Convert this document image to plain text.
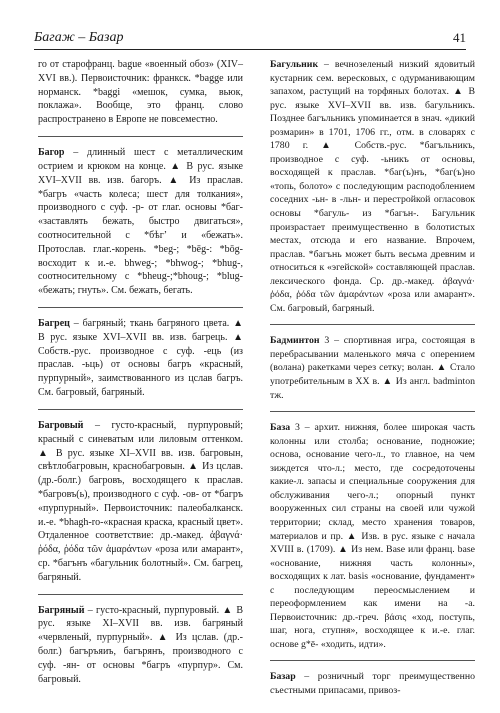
Багаж – Базар	41

го от старофранц. bague «военный обоз» (XIV–XVI вв.). Первоисточник: франкск. *bagge или норманск. *baggi «мешок, сумка, вьюк, поклажа». Вообще, это франц. слово распространено в Европе не повсеместно.

Багор – длинный шест с металлическим острием и крюком на конце. ▲ В рус. языке XVI–XVII вв. изв. багоръ. ▲ Из праслав. *багръ «часть колеса; шест для толкания», производного с суф. -р- от глаг. основы *баг- «заставлять бежать, быстро двигаться», соотносительной с *бѣгʼ и «бежать». Протослав. глаг.-корень. *beg-; *bēg-: *bōg- восходит к и.-е. bhweg-; *bhwog-; *bhug-, соотносительному с *bheug-;*bhoug-; *blug- «бежать; гнуть». См. бежать, бегать.

Багрец – багряный; ткань багряного цвета. ▲ В рус. языке XVI–XVII вв. изв. багрець. ▲ Собств.-рус. производное с суф. -ець (из праслав. -ьць) от основы багръ «красный, пурпурный», заимствованного из цслав багръ. См. багровый, багряный.

Багровый – густо-красный, пурпуровый; красный с синеватым или лиловым оттенком. ▲ В рус. языке XI–XVII вв. изв. багровын, свѣтлобагровын, краснобагровын. ▲ Из цслав. (др.-болг.) багровъ, восходящего к праслав. *багровъ(ь), производного с суф. -ов- от *багръ «пурпурный». Первоисточник: палеобалканск. и.-е. *bhagh-ro-«красная краска, красный цвет». Отдаленное соответствие: др.-макед. ἀβαγνά· ῥόδα, ῥόδα τῶν ἀμαράντων «роза или амарант», ср. *багънъ «багульник болотный». См. багрец, багряный.

Багряный – густо-красный, пурпуровый. ▲ В рус. языке XI–XVII вв. изв. багряный «червленый, пурпурный». ▲ Из цслав. (др.-болг.) багъръяиъ, багърянъ, производного с суф. -ян- от основы *багръ «пурпур». См. багровый.

Багульник – вечнозеленый низкий ядовитый кустарник сем. вересковых, с одурманивающим запахом, растущий на торфяных болотах. ▲ В рус. языке XVI–XVII вв. изв. багульникъ. Позднее багъльникъ упоминается в знач. «дикий розмарин» в 1701, 1706 гг., отм. в словарях с 1780 г. ▲ Собств.-рус. *багъльникъ, производное с суф. -ьникъ от основы, восходящей к праслав. *баг(ъ)нъ, *баг(ъ)но «топь, болото» с последующим расподоблением соседних -ьн- в -льн- и перестройкой огласовок основы *багуль- из *багън-. Багульник произрастает преимущественно в болотистых местах, отсюда и его название. Впрочем, праслав. *багънь может быть весьма древним и относиться к «эгейской» составляющей праслав. лексического фонда. Ср. др.-макед. ἀβαγνά· ῥόδα, ῥόδα τῶν ἀμαράντων «роза или амарант». См. багровый, багряный.

Бадминтон 3 – спортивная игра, состоящая в перебрасывании маленького мяча с оперением (волана) ракетками через сетку; волан. ▲ Стало употребительным в XX в. ▲ Из англ. badminton тж.

База 3 – архит. нижняя, более широкая часть колонны или столба; основание, подножие; основа, основание чего-л., то главное, на чем зиждется что-л.; место, где сосредоточены какие-л. запасы и специальные сооружения для обслуживания чего-л.; опорный пункт вооруженных сил страны на своей или чужой территории; склад, место хранения товаров, материалов и пр. ▲ Изв. в рус. языке с начала XVIII в. (1709). ▲ Из нем. Base или франц. base «основание, нижняя часть колонны», восходящих к лат. basis «основание, фундамент» с последующим переосмыслением и переоформлением как имени на -а. Первоисточник: др.-греч. βάσις «ход, поступь, шаг, нога, ступня», восходящее к и.-е. глаг. основе g*ē- «ходить, идти».

Базар – розничный торг преимущественно съестными припасами, привоз-
